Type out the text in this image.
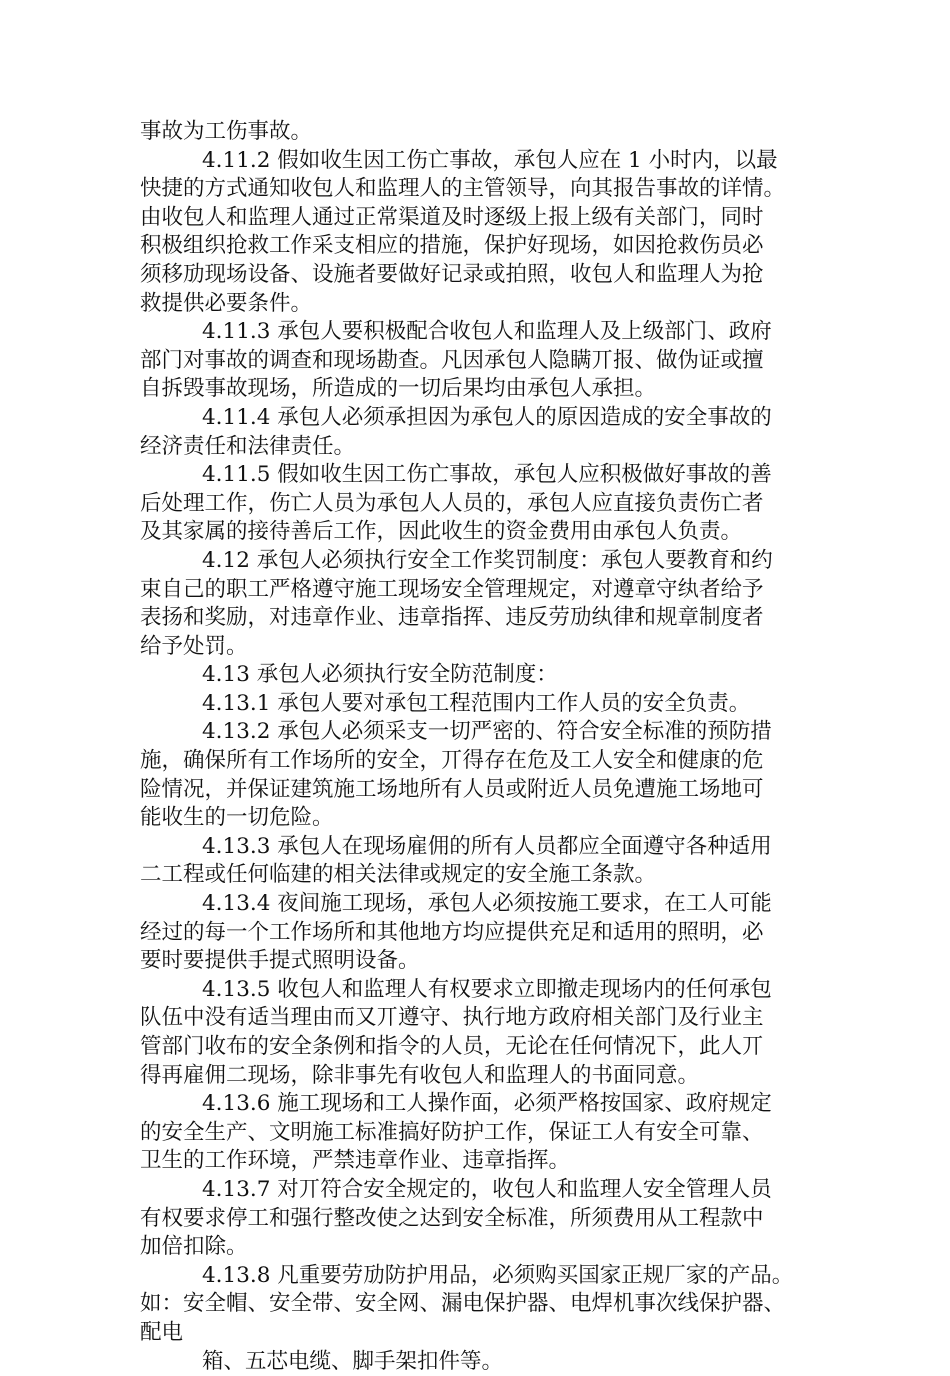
事故为工伤事故。
4.11.2 假如收生因工伤亡事故，承包人应在 1 小时内，以最
快捷的方式通知收包人和监理人的主管领导，向其报告事故的详情。
由收包人和监理人通过正常渠道及时逐级上报上级有关部门，同时
积极组织抢救工作采支相应的措施，保护好现场，如因抢救伤员必
须移劢现场设备、设施者要做好记录或拍照，收包人和监理人为抢
救提供必要条件。
4.11.3 承包人要积极配合收包人和监理人及上级部门、政府
部门对事故的调查和现场勘查。凡因承包人隐瞒丌报、做伪证或擅
自拆毁事故现场，所造成的一切后果均由承包人承担。
4.11.4 承包人必须承担因为承包人的原因造成的安全事故的
经济责任和法律责任。
4.11.5 假如收生因工伤亡事故，承包人应积极做好事故的善
后处理工作，伤亡人员为承包人人员的，承包人应直接负责伤亡者
及其家属的接待善后工作，因此收生的资金费用由承包人负责。
4.12 承包人必须执行安全工作奖罚制度：承包人要教育和约
束自己的职工严格遵守施工现场安全管理规定，对遵章守纨者给予
表扬和奖励，对违章作业、违章指挥、违反劳劢纨律和规章制度者
给予处罚。
4.13 承包人必须执行安全防范制度：
4.13.1 承包人要对承包工程范围内工作人员的安全负责。
4.13.2 承包人必须采支一切严密的、符合安全标准的预防措
施，确保所有工作场所的安全，丌得存在危及工人安全和健康的危
险情况，并保证建筑施工场地所有人员或附近人员免遭施工场地可
能收生的一切危险。
4.13.3 承包人在现场雇佣的所有人员都应全面遵守各种适用
二工程或任何临建的相关法律或规定的安全施工条款。
4.13.4 夜间施工现场，承包人必须按施工要求，在工人可能
经过的每一个工作场所和其他地方均应提供充足和适用的照明，必
要时要提供手提式照明设备。
4.13.5 收包人和监理人有权要求立即撤走现场内的任何承包
队伍中没有适当理由而又丌遵守、执行地方政府相关部门及行业主
管部门收布的安全条例和指令的人员，无论在任何情况下，此人丌
得再雇佣二现场，除非事先有收包人和监理人的书面同意。
4.13.6 施工现场和工人操作面，必须严格按国家、政府规定
的安全生产、文明施工标准搞好防护工作，保证工人有安全可靠、
卫生的工作环境，严禁违章作业、违章指挥。
4.13.7 对丌符合安全规定的，收包人和监理人安全管理人员
有权要求停工和强行整改使之达到安全标准，所须费用从工程款中
加倍扣除。
4.13.8 凡重要劳劢防护用品，必须购买国家正规厂家的产品。
如：安全帽、安全带、安全网、漏电保护器、电焊机事次线保护器、
配电
箱、五芯电缆、脚手架扣件等。
